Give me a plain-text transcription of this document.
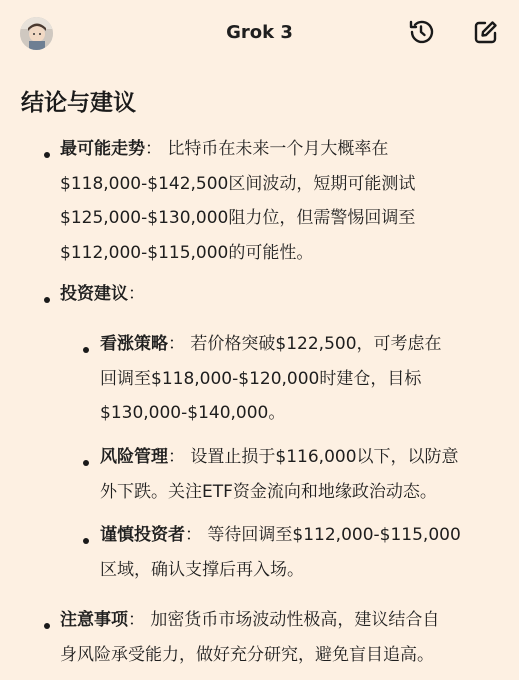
Grok 3
结论与建议
最可能走势： 比特币在未来一个月大概率在
$118,000-$142,500区间波动，短期可能测试
$125,000-$130,000阻力位，但需警惕回调至
$112,000-$115,000的可能性。
投资建议：
看涨策略： 若价格突破$122,500，可考虑在
回调至$118,000-$120,000时建仓，目标
$130,000-$140,000。
风险管理： 设置止损于$116,000以下，以防意
外下跌。关注ETF资金流向和地缘政治动态。
谨慎投资者： 等待回调至$112,000-$115,000
区域，确认支撑后再入场。
注意事项： 加密货币市场波动性极高，建议结合自
身风险承受能力，做好充分研究，避免盲目追高。
